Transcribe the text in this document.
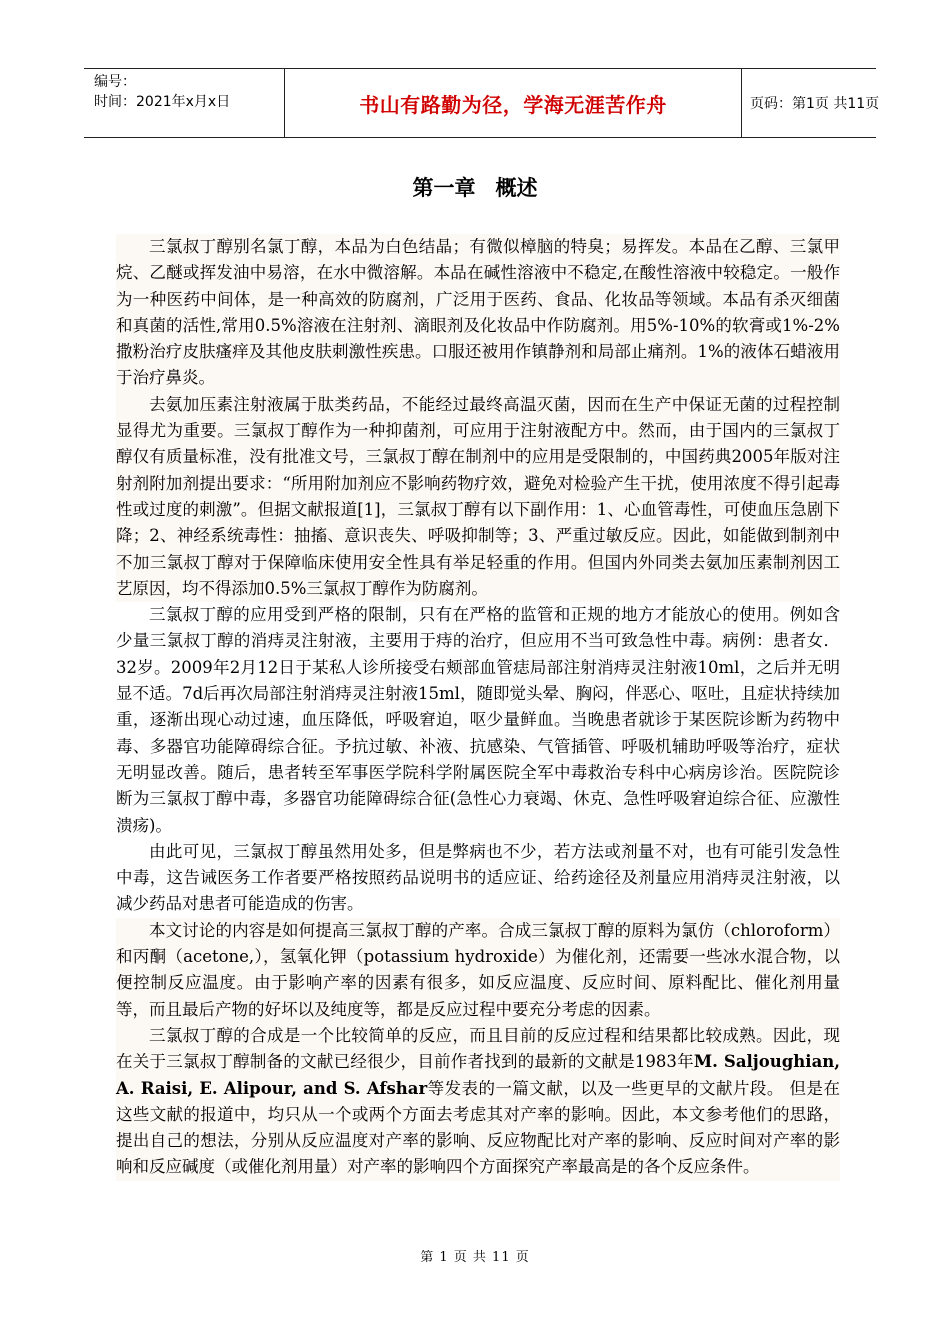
编号：
时间：2021年x月x日	书山有路勤为径，学海无涯苦作舟	页码：第1页 共11页
第一章 概述

三氯叔丁醇别名氯丁醇，本品为白色结晶；有微似樟脑的特臭；易挥发。本品在乙醇、三氯甲烷、乙醚或挥发油中易溶，在水中微溶解。本品在碱性溶液中不稳定,在酸性溶液中较稳定。一般作为一种医药中间体，是一种高效的防腐剂，广泛用于医药、食品、化妆品等领域。本品有杀灭细菌和真菌的活性,常用0.5%溶液在注射剂、滴眼剂及化妆品中作防腐剂。用5%-10%的软膏或1%-2%撒粉治疗皮肤瘙痒及其他皮肤刺激性疾患。口服还被用作镇静剂和局部止痛剂。1%的液体石蜡液用于治疗鼻炎。

去氨加压素注射液属于肽类药品，不能经过最终高温灭菌，因而在生产中保证无菌的过程控制显得尤为重要。三氯叔丁醇作为一种抑菌剂，可应用于注射液配方中。然而，由于国内的三氯叔丁醇仅有质量标准，没有批准文号，三氯叔丁醇在制剂中的应用是受限制的，中国药典2005年版对注射剂附加剂提出要求：“所用附加剂应不影响药物疗效，避免对检验产生干扰，使用浓度不得引起毒性或过度的刺激”。但据文献报道[1]，三氯叔丁醇有以下副作用：1、心血管毒性，可使血压急剧下降；2、神经系统毒性：抽搐、意识丧失、呼吸抑制等；3、严重过敏反应。因此，如能做到制剂中不加三氯叔丁醇对于保障临床使用安全性具有举足轻重的作用。但国内外同类去氨加压素制剂因工艺原因，均不得添加0.5%三氯叔丁醇作为防腐剂。

三氯叔丁醇的应用受到严格的限制，只有在严格的监管和正规的地方才能放心的使用。例如含少量三氯叔丁醇的消痔灵注射液，主要用于痔的治疗，但应用不当可致急性中毒。病例：患者女．32岁。2009年2月12日于某私人诊所接受右颊部血管痣局部注射消痔灵注射液10ml，之后并无明显不适。7d后再次局部注射消痔灵注射液15ml，随即觉头晕、胸闷，伴恶心、呕吐，且症状持续加重，逐渐出现心动过速，血压降低，呼吸窘迫，呕少量鲜血。当晚患者就诊于某医院诊断为药物中毒、多器官功能障碍综合征。予抗过敏、补液、抗感染、气管插管、呼吸机辅助呼吸等治疗，症状无明显改善。随后，患者转至军事医学院科学附属医院全军中毒救治专科中心病房诊治。医院院诊断为三氯叔丁醇中毒，多器官功能障碍综合征(急性心力衰竭、休克、急性呼吸窘迫综合征、应激性溃疡)。

由此可见，三氯叔丁醇虽然用处多，但是弊病也不少，若方法或剂量不对，也有可能引发急性中毒，这告诫医务工作者要严格按照药品说明书的适应证、给药途径及剂量应用消痔灵注射液，以减少药品对患者可能造成的伤害。

本文讨论的内容是如何提高三氯叔丁醇的产率。合成三氯叔丁醇的原料为氯仿（chloroform）和丙酮（acetone,），氢氧化钾（potassium hydroxide）为催化剂，还需要一些冰水混合物，以便控制反应温度。由于影响产率的因素有很多，如反应温度、反应时间、原料配比、催化剂用量等，而且最后产物的好坏以及纯度等，都是反应过程中要充分考虑的因素。

三氯叔丁醇的合成是一个比较简单的反应，而且目前的反应过程和结果都比较成熟。因此，现在关于三氯叔丁醇制备的文献已经很少，目前作者找到的最新的文献是1983年M. Saljoughian, A. Raisi, E. Alipour, and S. Afshar等发表的一篇文献，以及一些更早的文献片段。 但是在这些文献的报道中，均只从一个或两个方面去考虑其对产率的影响。因此，本文参考他们的思路，提出自己的想法，分别从反应温度对产率的影响、反应物配比对产率的影响、反应时间对产率的影响和反应碱度（或催化剂用量）对产率的影响四个方面探究产率最高是的各个反应条件。

第 1 页 共 11 页
